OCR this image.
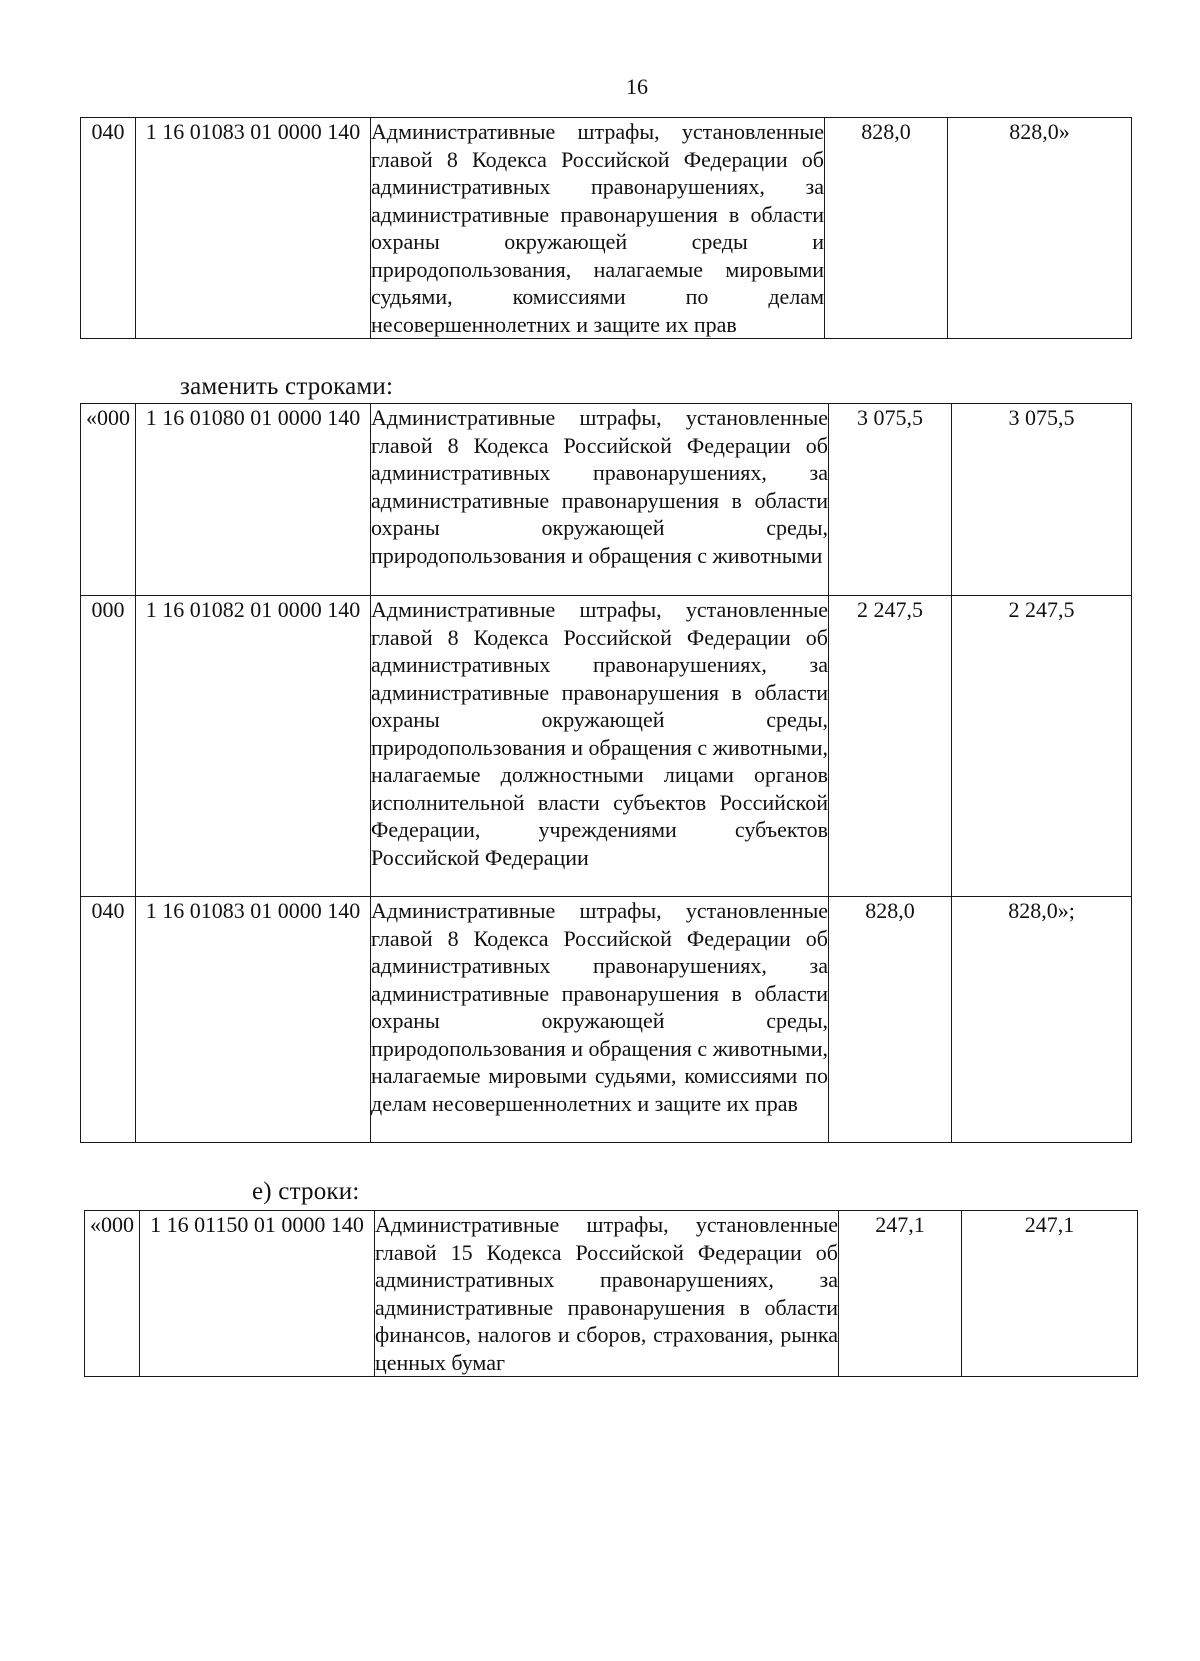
16
040	1 16 01083 01 0000 140	Административные штрафы, установленные главой 8 Кодекса Российской Федерации об административных правонарушениях, за административные правонарушения в области охраны окружающей среды и природопользования, налагаемые мировыми судьями, комиссиями по делам несовершеннолетних и защите их прав	828,0	828,0»
заменить строками:
«000	1 16 01080 01 0000 140	Административные штрафы, установленные главой 8 Кодекса Российской Федерации об административных правонарушениях, за административные правонарушения в области охраны окружающей среды, природопользования и обращения с животными	3 075,5	3 075,5
000	1 16 01082 01 0000 140	Административные штрафы, установленные главой 8 Кодекса Российской Федерации об административных правонарушениях, за административные правонарушения в области охраны окружающей среды, природопользования и обращения с животными, налагаемые должностными лицами органов исполнительной власти субъектов Российской Федерации, учреждениями субъектов Российской Федерации	2 247,5	2 247,5
040	1 16 01083 01 0000 140	Административные штрафы, установленные главой 8 Кодекса Российской Федерации об административных правонарушениях, за административные правонарушения в области охраны окружающей среды, природопользования и обращения с животными, налагаемые мировыми судьями, комиссиями по делам несовершеннолетних и защите их прав	828,0	828,0»;
е) строки:
«000	1 16 01150 01 0000 140	Административные штрафы, установленные главой 15 Кодекса Российской Федерации об административных правонарушениях, за административные правонарушения в области финансов, налогов и сборов, страхования, рынка ценных бумаг	247,1	247,1
